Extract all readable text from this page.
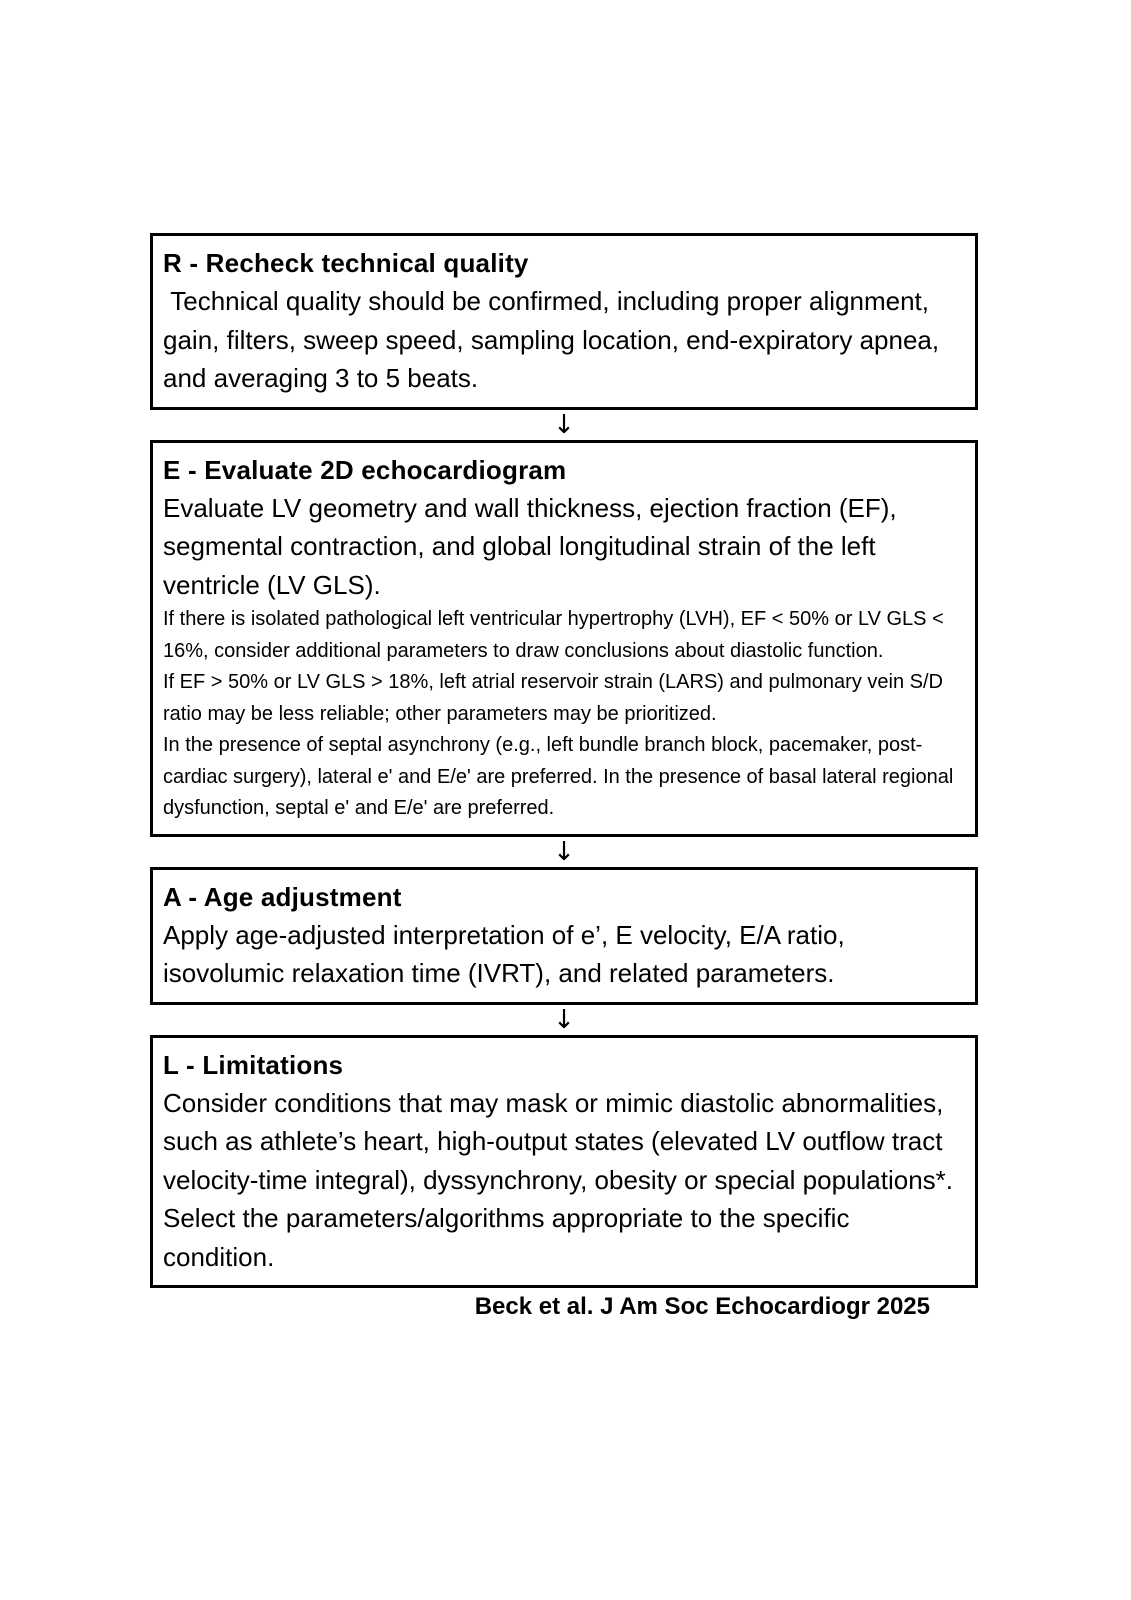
R - Recheck technical quality

Technical quality should be confirmed, including proper alignment, gain, filters, sweep speed, sampling location, end-expiratory apnea, and averaging 3 to 5 beats.

↓
E - Evaluate 2D echocardiogram

Evaluate LV geometry and wall thickness, ejection fraction (EF), segmental contraction, and global longitudinal strain of the left ventricle (LV GLS).

If there is isolated pathological left ventricular hypertrophy (LVH), EF < 50% or LV GLS < 16%, consider additional parameters to draw conclusions about diastolic function.

If EF > 50% or LV GLS > 18%, left atrial reservoir strain (LARS) and pulmonary vein S/D ratio may be less reliable; other parameters may be prioritized.

In the presence of septal asynchrony (e.g., left bundle branch block, pacemaker, post-cardiac surgery), lateral e' and E/e' are preferred. In the presence of basal lateral regional dysfunction, septal e' and E/e' are preferred.

↓
A - Age adjustment

Apply age-adjusted interpretation of e’, E velocity, E/A ratio, isovolumic relaxation time (IVRT), and related parameters.

↓
L - Limitations

Consider conditions that may mask or mimic diastolic abnormalities, such as athlete’s heart, high-output states (elevated LV outflow tract velocity-time integral), dyssynchrony, obesity or special populations*.

Select the parameters/algorithms appropriate to the specific condition.

Beck et al. J Am Soc Echocardiogr 2025
